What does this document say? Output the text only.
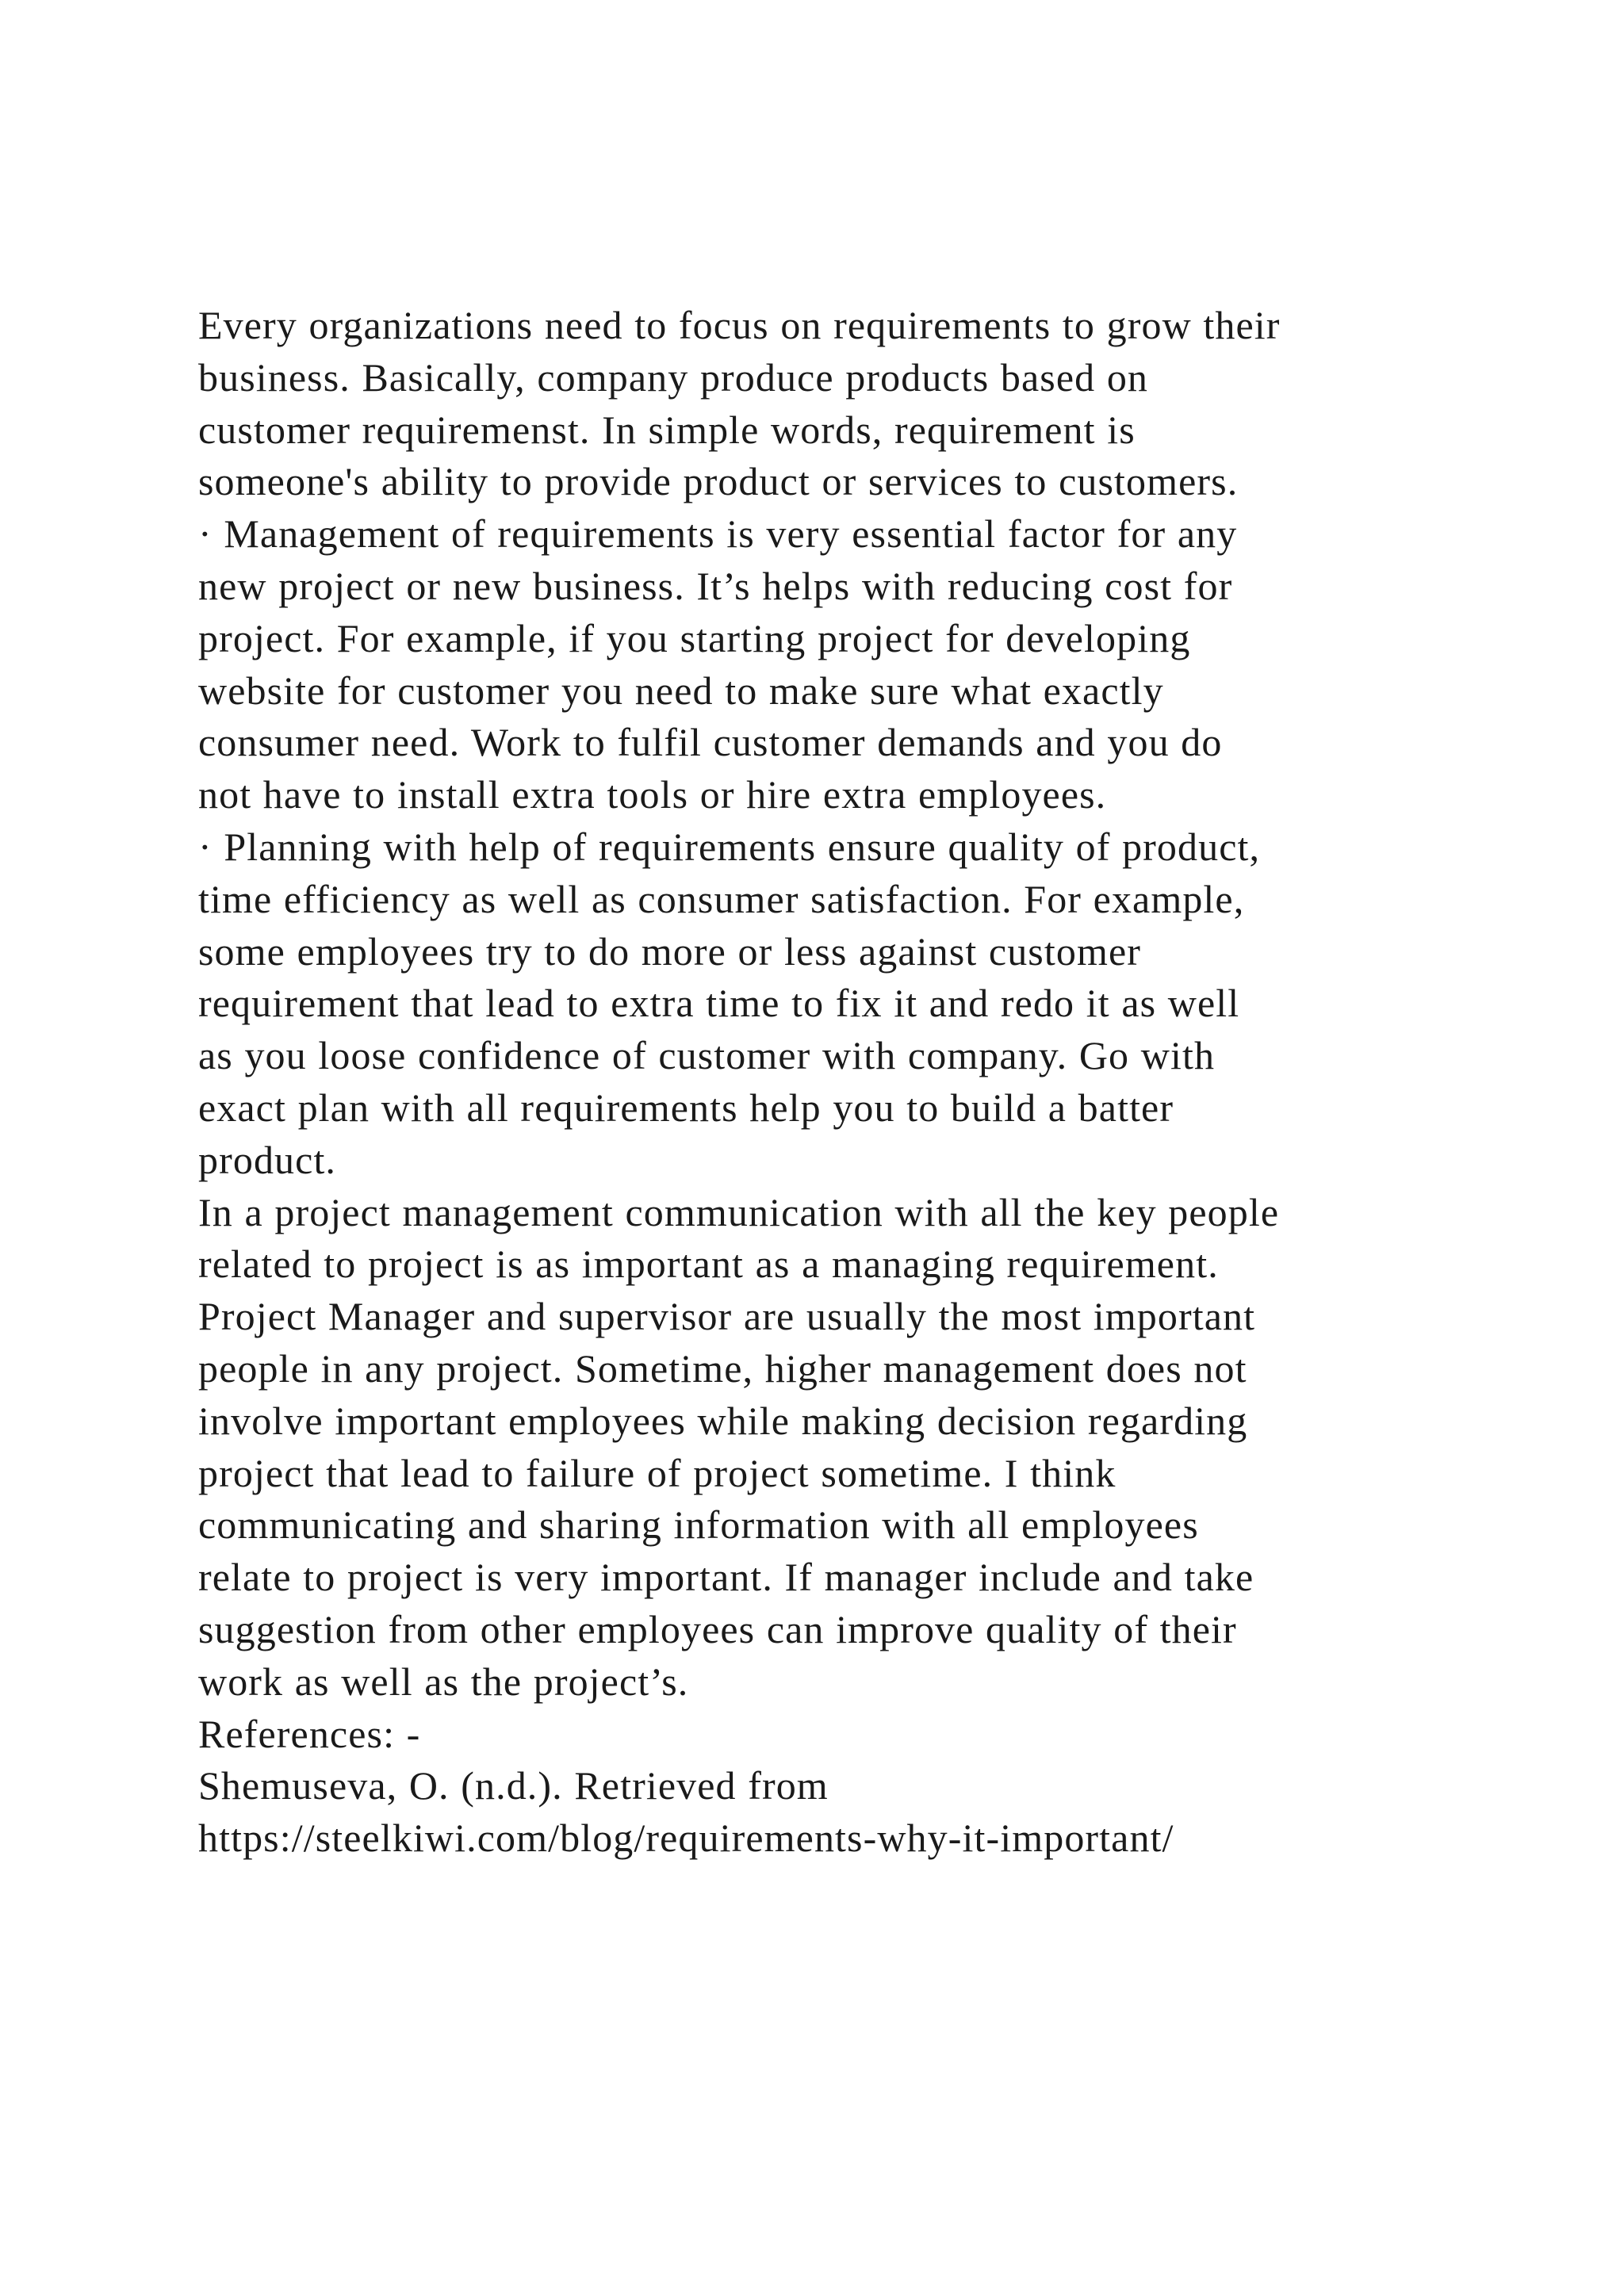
Every organizations need to focus on requirements to grow their
business. Basically, company produce products based on
customer requiremenst. In simple words, requirement is
someone's ability to provide product or services to customers.
· Management of requirements is very essential factor for any
new project or new business. It’s helps with reducing cost for
project. For example, if you starting project for developing
website for customer you need to make sure what exactly
consumer need. Work to fulfil customer demands and you do
not have to install extra tools or hire extra employees.
· Planning with help of requirements ensure quality of product,
time efficiency as well as consumer satisfaction. For example,
some employees try to do more or less against customer
requirement that lead to extra time to fix it and redo it as well
as you loose confidence of customer with company. Go with
exact plan with all requirements help you to build a batter
product.
In a project management communication with all the key people
related to project is as important as a managing requirement.
Project Manager and supervisor are usually the most important
people in any project. Sometime, higher management does not
involve important employees while making decision regarding
project that lead to failure of project sometime. I think
communicating and sharing information with all employees
relate to project is very important. If manager include and take
suggestion from other employees can improve quality of their
work as well as the project’s.
References: -
Shemuseva, O. (n.d.). Retrieved from
https://steelkiwi.com/blog/requirements-why-it-important/
